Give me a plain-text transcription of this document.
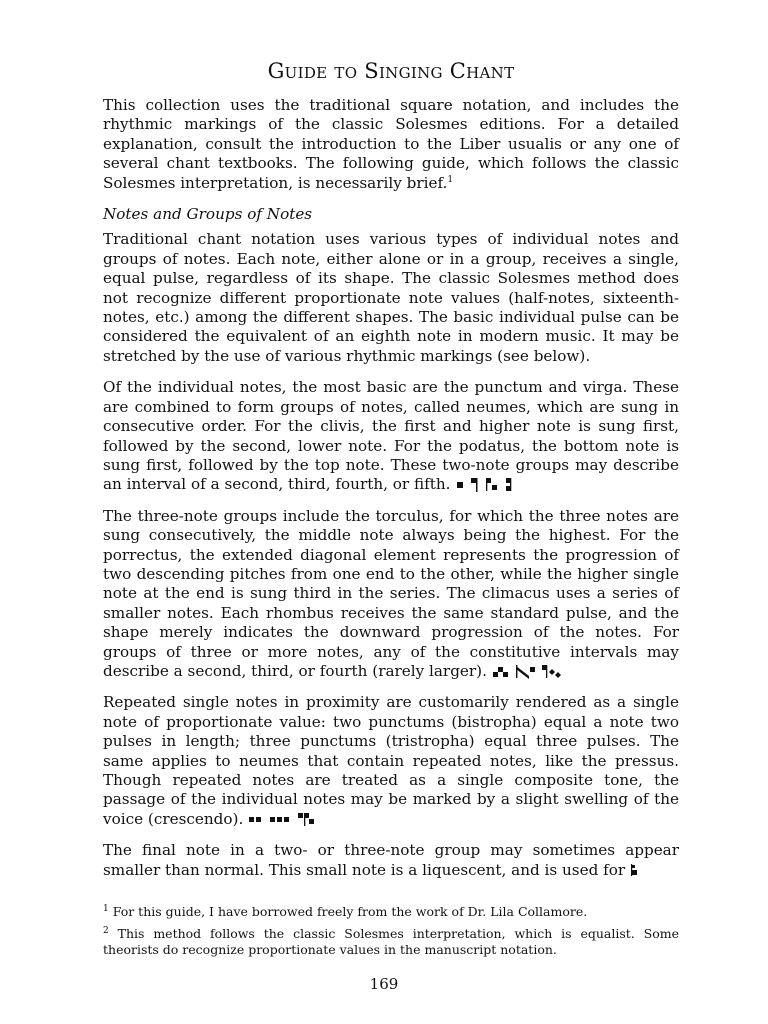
Guide to Singing Chant

This collection uses the traditional square notation, and includes the rhythmic markings of the classic Solesmes editions. For a detailed explanation, consult the introduction to the Liber usualis or any one of several chant textbooks. The following guide, which follows the classic Solesmes interpretation, is necessarily brief.$^1$

Notes and Groups of Notes

Traditional chant notation uses various types of individual notes and groups of notes. Each note, either alone or in a group, receives a single, equal pulse, regardless of its shape. The classic Solesmes method does not recognize different proportionate note values (half-notes, sixteenth-notes, etc.) among the different shapes. The basic individual pulse can be considered the equivalent of an eighth note in modern music. It may be stretched by the use of various rhythmic markings (see below).

Of the individual notes, the most basic are the punctum and virga. These are combined to form groups of notes, called neumes, which are sung in consecutive order. For the clivis, the first and higher note is sung first, followed by the second, lower note. For the podatus, the bottom note is sung first, followed by the top note. These two-note groups may describe an interval of a second, third, fourth, or fifth.

The three-note groups include the torculus, for which the three notes are sung consecutively, the middle note always being the highest. For the porrectus, the extended diagonal element represents the progression of two descending pitches from one end to the other, while the higher single note at the end is sung third in the series. The climacus uses a series of smaller notes. Each rhombus receives the same standard pulse, and the shape merely indicates the downward progression of the notes. For groups of three or more notes, any of the constitutive intervals may describe a second, third, or fourth (rarely larger).

Repeated single notes in proximity are customarily rendered as a single note of proportionate value: two punctums (bistropha) equal a note two pulses in length; three punctums (tristropha) equal three pulses. The same applies to neumes that contain repeated notes, like the pressus. Though repeated notes are treated as a single composite tone, the passage of the individual notes may be marked by a slight swelling of the voice (crescendo).

The final note in a two- or three-note group may sometimes appear smaller than normal. This small note is a liquescent, and is used for

$^1$ For this guide, I have borrowed freely from the work of Dr. Lila Collamore.

$^2$ This method follows the classic Solesmes interpretation, which is equalist. Some theorists do recognize proportionate values in the manuscript notation.

169
